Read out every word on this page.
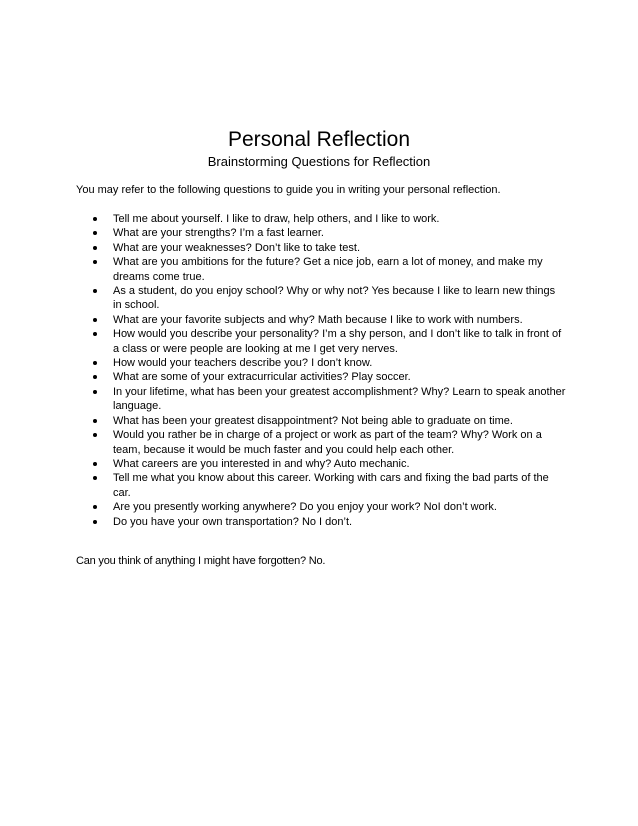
Personal Reflection
Brainstorming Questions for Reflection

You may refer to the following questions to guide you in writing your personal reflection.

Tell me about yourself. I like to draw, help others, and I like to work.
What are your strengths? I’m a fast learner.
What are your weaknesses? Don’t like to take test.
What are you ambitions for the future? Get a nice job, earn a lot of money, and make my dreams come true.
As a student, do you enjoy school? Why or why not? Yes because I like to learn new things in school.
What are your favorite subjects and why? Math because I like to work with numbers.
How would you describe your personality? I’m a shy person, and I don’t like to talk in front of a class or were people are looking at me I get very nerves.
How would your teachers describe you? I don’t know.
What are some of your extracurricular activities? Play soccer.
In your lifetime, what has been your greatest accomplishment? Why? Learn to speak another language.
What has been your greatest disappointment? Not being able to graduate on time.
Would you rather be in charge of a project or work as part of the team? Why? Work on a team, because it would be much faster and you could help each other.
What careers are you interested in and why? Auto mechanic.
Tell me what you know about this career. Working with cars and fixing the bad parts of the car.
Are you presently working anywhere? Do you enjoy your work? NoI don’t work.
Do you have your own transportation? No I don’t.

Can you think of anything I might have forgotten? No.
